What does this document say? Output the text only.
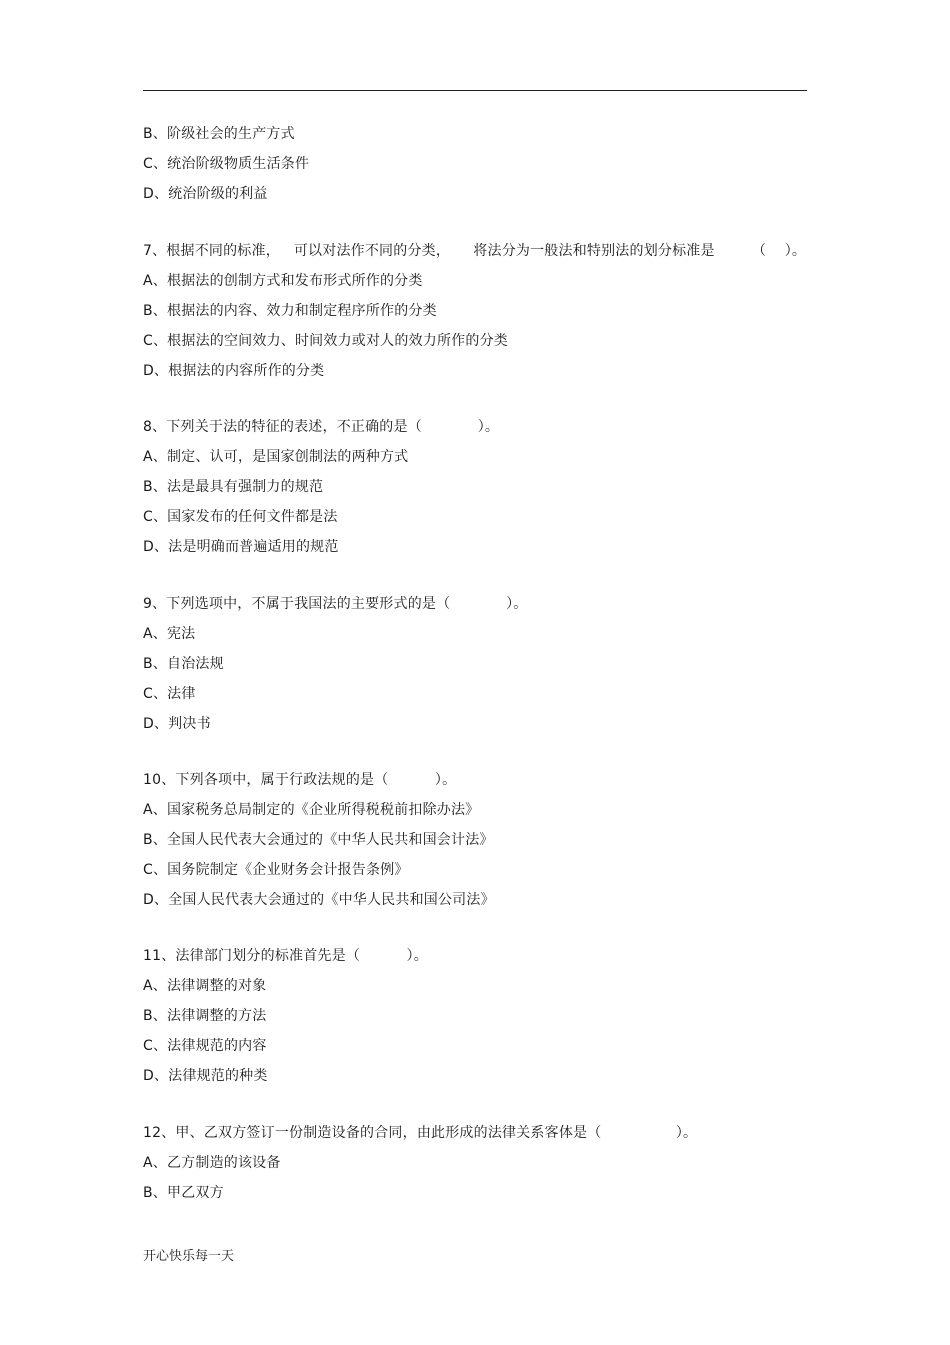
B、阶级社会的生产方式
C、统治阶级物质生活条件
D、统治阶级的利益
7、根据不同的标准，   可以对法作不同的分类，     将法分为一般法和特别法的划分标准是        （    ）。
A、根据法的创制方式和发布形式所作的分类
B、根据法的内容、效力和制定程序所作的分类
C、根据法的空间效力、时间效力或对人的效力所作的分类
D、根据法的内容所作的分类
8、下列关于法的特征的表述，不正确的是（            ）。
A、制定、认可，是国家创制法的两种方式
B、法是最具有强制力的规范
C、国家发布的任何文件都是法
D、法是明确而普遍适用的规范
9、下列选项中，不属于我国法的主要形式的是（            ）。
A、宪法
B、自治法规
C、法律
D、判决书
10、下列各项中，属于行政法规的是（          ）。
A、国家税务总局制定的《企业所得税税前扣除办法》
B、全国人民代表大会通过的《中华人民共和国会计法》
C、国务院制定《企业财务会计报告条例》
D、全国人民代表大会通过的《中华人民共和国公司法》
11、法律部门划分的标准首先是（          ）。
A、法律调整的对象
B、法律调整的方法
C、法律规范的内容
D、法律规范的种类
12、甲、乙双方签订一份制造设备的合同，由此形成的法律关系客体是（                ）。
A、乙方制造的该设备
B、甲乙双方
开心快乐每一天
